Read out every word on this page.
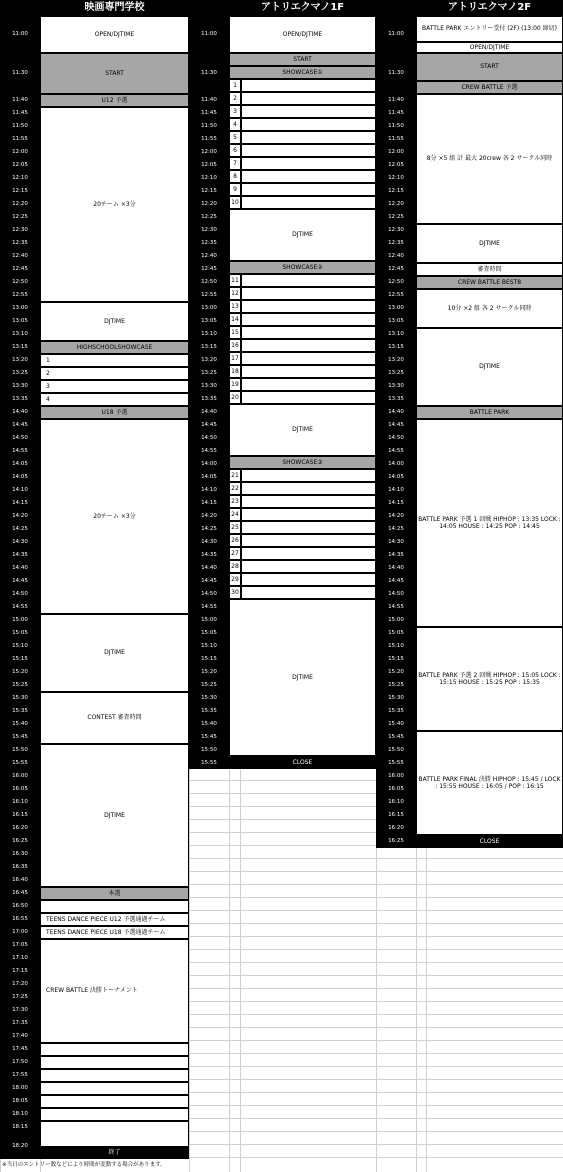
映画専門学校	アトリエクマノ1F	アトリエクマノ2F
11:00
11:30
11:40
11:45
11:50
11:55
12:00
12:05
12:10
12:15
12:20
12:25
12:30
12:35
12:40
12:45
12:50
12:55
13:00
13:05
13:10
13:15
13:20
13:25
13:30
13:35
14:40
14:45
14:50
14:55
14:05
14:05
14:10
14:15
14:20
14:25
14:30
14:35
14:40
14:45
14:50
14:55
15:00
15:05
15:10
15:15
15:20
15:25
15:30
15:35
15:40
15:45
15:50
15:55
16:00
16:05
16:10
16:15
16:20
16:25
16:30
16:35
16:40
16:45
16:50
16:55
17:00
17:05
17:10
17:15
17:20
17:25
17:30
17:35
17:40
17:45
17:50
17:55
18:00
18:05
18:10
18:15
18:20
11:00
11:30
11:40
11:45
11:50
11:55
12:00
12:05
12:10
12:15
12:20
12:25
12:30
12:35
12:40
12:45
12:50
12:55
13:00
13:05
13:10
13:15
13:20
13:25
13:30
13:35
14:40
14:45
14:50
14:55
14:00
14:05
14:10
14:15
14:20
14:25
14:30
14:35
14:40
14:45
14:50
14:55
15:00
15:05
15:10
15:15
15:20
15:25
15:30
15:35
15:40
15:45
15:50
15:55
11:00
11:30
11:40
11:45
11:50
11:55
12:00
12:05
12:10
12:15
12:20
12:25
12:30
12:35
12:40
12:45
12:50
12:55
13:00
13:05
13:10
13:15
13:20
13:25
13:30
13:35
14:40
14:45
14:50
14:55
14:00
14:05
14:10
14:15
14:20
14:25
14:30
14:35
14:40
14:45
14:50
14:55
15:00
15:05
15:10
15:15
15:20
15:25
15:30
15:35
15:40
15:45
15:50
15:55
16:00
16:05
16:10
16:15
16:20
16:25
OPEN/DJTIME
START
U12 予選
20チーム ×3分
DJTIME
HIGHSCHOOLSHOWCASE
1
2
3
4
U18 予選
20チーム ×3分
DJTIME
CONTEST 審査時間
DJTIME
本選
TEENS DANCE PIECE U12 予選通過チーム
TEENS DANCE PIECE U18 予選通過チーム
CREW BATTLE 決勝トーナメント
終了
OPEN/DJTIME
START
SHOWCASE①
1
2
3
4
5
6
7
8
9
10
DJTIME
SHOWCASE②
11
12
13
14
15
16
17
18
19
20
DJTIME
SHOWCASE③
21
22
23
24
25
26
27
28
29
30
DJTIME
CLOSE
BATTLE PARK エントリー受付 (2F) (13:00 締切)
OPEN/DJTIME
START
CREW BATTLE 予選
8分 ×5 組 計 最大 20crew 各 2 サークル同時
DJTIME
審査時間
CREW BATTLE BEST8
10分 ×2 組 各 2 サークル同時
DJTIME
BATTLE PARK
BATTLE PARK 予選 1 回戦 HIPHOP : 13:35 LOCK : 14:05 HOUSE : 14:25 POP : 14:45
BATTLE PARK 予選 2 回戦 HIPHOP : 15:05 LOCK : 15:15 HOUSE : 15:25 POP : 15:35
BATTLE PARK FINAL 決勝 HIPHOP : 15:45 / LOCK : 15:55 HOUSE : 16:05 / POP : 16:15
CLOSE
※当日のエントリー数などにより時間が変動する場合があります。
